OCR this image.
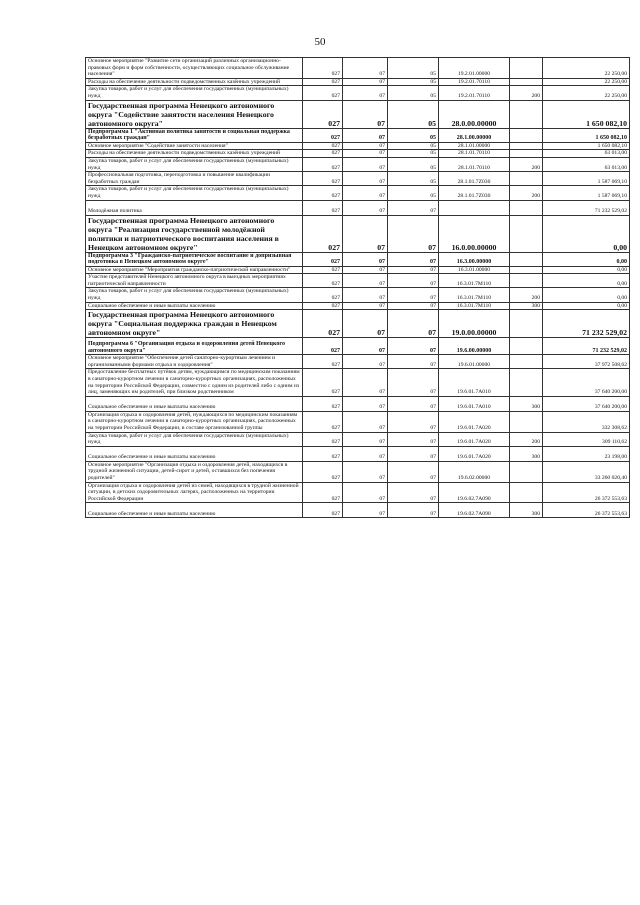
50
Основное мероприятие "Развитие сети организаций различных организационно-правовых форм и форм собственности, осуществляющих социальное обслуживание населения"	027	07	05	19.2.01.00000		22 250,00
Расходы на обеспечение деятельности подведомственных казённых учреждений	027	07	05	19.2.01.70110		22 250,00
Закупка товаров, работ и услуг для обеспечения государственных (муниципальных) нужд	027	07	05	19.2.01.70110	200	22 250,00
Государственная программа Ненецкого автономного округа "Содействие занятости населения Ненецкого автономного округа"	027	07	05	28.0.00.00000		1 650 082,10
Подпрограмма 1 "Активная политика занятости и социальная поддержка безработных граждан"	027	07	05	28.1.00.00000		1 650 082,10
Основное мероприятие "Содействие занятости населения"	027	07	05	28.1.01.00000		1 650 082,10
Расходы на обеспечение деятельности подведомственных казённых учреждений	027	07	05	28.1.01.70110		63 013,00
Закупка товаров, работ и услуг для обеспечения государственных (муниципальных) нужд	027	07	05	28.1.01.70110	200	63 013,00
Профессиональная подготовка, переподготовка и повышение квалификации безработных граждан	027	07	05	28.1.01.7Z030		1 587 069,10
Закупка товаров, работ и услуг для обеспечения государственных (муниципальных) нужд	027	07	05	28.1.01.7Z030	200	1 587 069,10
Молодёжная политика	027	07	07			71 232 529,02
Государственная программа Ненецкого автономного округа "Реализация государственной молодёжной политики и патриотического воспитания населения в Ненецком автономном округе"	027	07	07	16.0.00.00000		0,00
Подпрограмма 3 "Гражданско-патриотическое воспитание и допризывная подготовка в Ненецком автономном округе"	027	07	07	16.3.00.00000		0,00
Основное мероприятие "Мероприятия гражданско-патриотической направленности"	027	07	07	16.3.01.00000		0,00
Участие представителей Ненецкого автономного округа в выездных мероприятиях патриотической направленности	027	07	07	16.3.01.7M110		0,00
Закупка товаров, работ и услуг для обеспечения государственных (муниципальных) нужд	027	07	07	16.3.01.7M110	200	0,00
Социальное обеспечение и иные выплаты населению	027	07	07	16.3.01.7M110	300	0,00
Государственная программа Ненецкого автономного округа "Социальная поддержка граждан в Ненецком автономном округе"	027	07	07	19.0.00.00000		71 232 529,02
Подпрограмма 6 "Организация отдыха и оздоровления детей Ненецкого автономного округа"	027	07	07	19.6.00.00000		71 232 529,02
Основное мероприятие "Обеспечение детей санаторно-курортным лечением и организованными формами отдыха и оздоровления"	027	07	07	19.6.01.00000		37 972 508,62
Предоставление бесплатных путёвок детям, нуждающимся по медицинским показаниям в санаторно-курортном лечении в санаторно-курортных организациях, расположенных на территории Российской Федерации, совместно с одним из родителей либо с одним из лиц, заменяющих им родителей, при близком родственником	027	07	07	19.6.01.7A010		37 640 200,00
Социальное обеспечение и иные выплаты населению	027	07	07	19.6.01.7A010	300	37 640 200,00
Организация отдыха и оздоровления детей, нуждающихся по медицинским показаниям в санаторно-курортном лечении в санаторно-курортных организациях, расположенных на территории Российской Федерации, в составе организованной группы	027	07	07	19.6.01.7A020		332 308,62
Закупка товаров, работ и услуг для обеспечения государственных (муниципальных) нужд	027	07	07	19.6.01.7A020	200	309 110,62
Социальное обеспечение и иные выплаты населению	027	07	07	19.6.01.7A020	300	23 198,00
Основное мероприятие "Организация отдыха и оздоровления детей, находящихся в трудной жизненной ситуации, детей-сирот и детей, оставшихся без попечения родителей"	027	07	07	19.6.02.00000		33 260 020,40
Организация отдыха и оздоровления детей из семей, находящихся в трудной жизненной ситуации, в детских оздоровительных лагерях, расположенных на территории Российской Федерации	027	07	07	19.6.02.7A090		26 372 553,63
Социальное обеспечение и иные выплаты населению	027	07	07	19.6.02.7A090	300	26 372 553,63
